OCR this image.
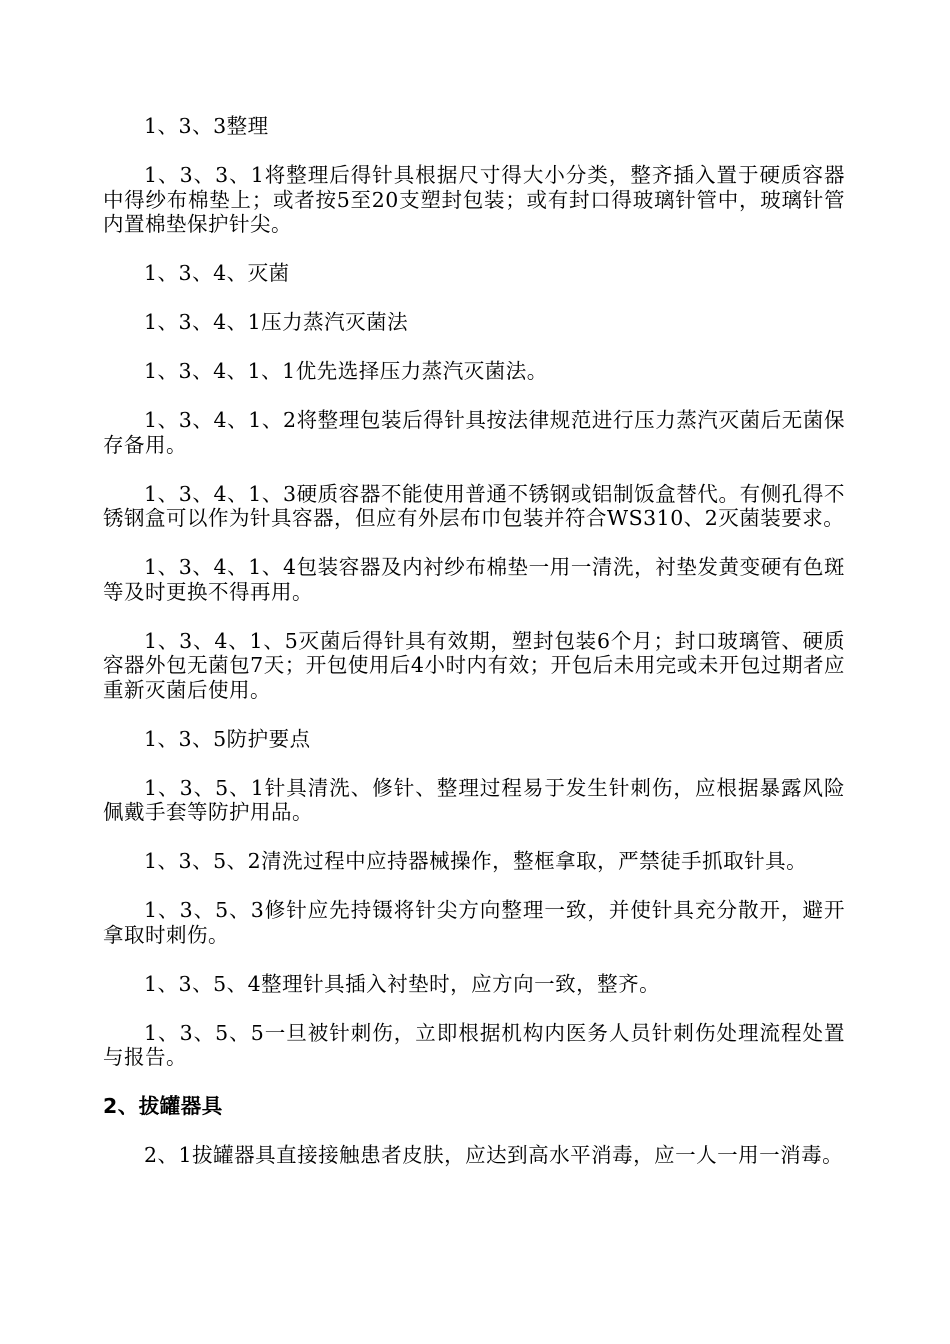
1、3、3整理

1、3、3、1将整理后得针具根据尺寸得大小分类，整齐插入置于硬质容器中得纱布棉垫上；或者按5至20支塑封包装；或有封口得玻璃针管中，玻璃针管内置棉垫保护针尖。

1、3、4、灭菌

1、3、4、1压力蒸汽灭菌法

1、3、4、1、1优先选择压力蒸汽灭菌法。

1、3、4、1、2将整理包装后得针具按法律规范进行压力蒸汽灭菌后无菌保存备用。

1、3、4、1、3硬质容器不能使用普通不锈钢或铝制饭盒替代。有侧孔得不锈钢盒可以作为针具容器，但应有外层布巾包装并符合WS310、2灭菌装要求。

1、3、4、1、4包装容器及内衬纱布棉垫一用一清洗，衬垫发黄变硬有色斑等及时更换不得再用。

1、3、4、1、5灭菌后得针具有效期，塑封包装6个月；封口玻璃管、硬质容器外包无菌包7天；开包使用后4小时内有效；开包后未用完或未开包过期者应重新灭菌后使用。

1、3、5防护要点

1、3、5、1针具清洗、修针、整理过程易于发生针刺伤，应根据暴露风险佩戴手套等防护用品。

1、3、5、2清洗过程中应持器械操作，整框拿取，严禁徒手抓取针具。

1、3、5、3修针应先持镊将针尖方向整理一致，并使针具充分散开，避开拿取时刺伤。

1、3、5、4整理针具插入衬垫时，应方向一致，整齐。

1、3、5、5一旦被针刺伤，立即根据机构内医务人员针刺伤处理流程处置与报告。

2、拔罐器具

2、1拔罐器具直接接触患者皮肤，应达到高水平消毒，应一人一用一消毒。
